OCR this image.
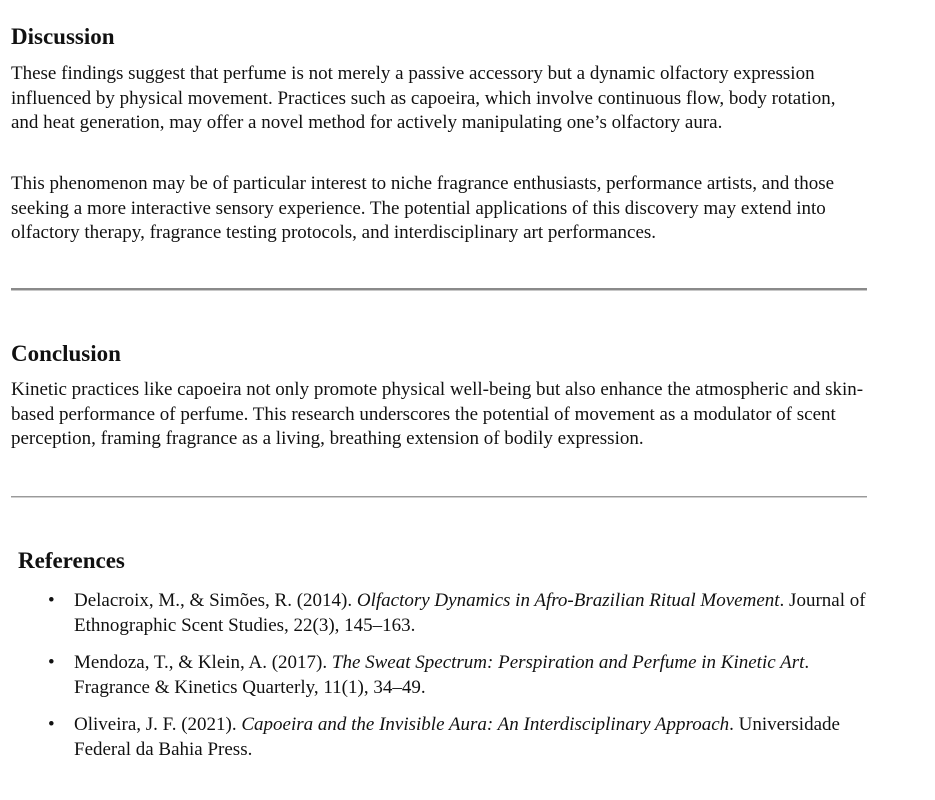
Discussion

These findings suggest that perfume is not merely a passive accessory but a dynamic olfactory expression influenced by physical movement. Practices such as capoeira, which involve continuous flow, body rotation, and heat generation, may offer a novel method for actively manipulating one’s olfactory aura.

This phenomenon may be of particular interest to niche fragrance enthusiasts, performance artists, and those seeking a more interactive sensory experience. The potential applications of this discovery may extend into olfactory therapy, fragrance testing protocols, and interdisciplinary art performances.

Conclusion

Kinetic practices like capoeira not only promote physical well-being but also enhance the atmospheric and skin-based performance of perfume. This research underscores the potential of movement as a modulator of scent perception, framing fragrance as a living, breathing extension of bodily expression.

References
• Delacroix, M., & Simões, R. (2014). Olfactory Dynamics in Afro-Brazilian Ritual Movement. Journal of Ethnographic Scent Studies, 22(3), 145–163.
• Mendoza, T., & Klein, A. (2017). The Sweat Spectrum: Perspiration and Perfume in Kinetic Art. Fragrance & Kinetics Quarterly, 11(1), 34–49.
• Oliveira, J. F. (2021). Capoeira and the Invisible Aura: An Interdisciplinary Approach. Universidade Federal da Bahia Press.
